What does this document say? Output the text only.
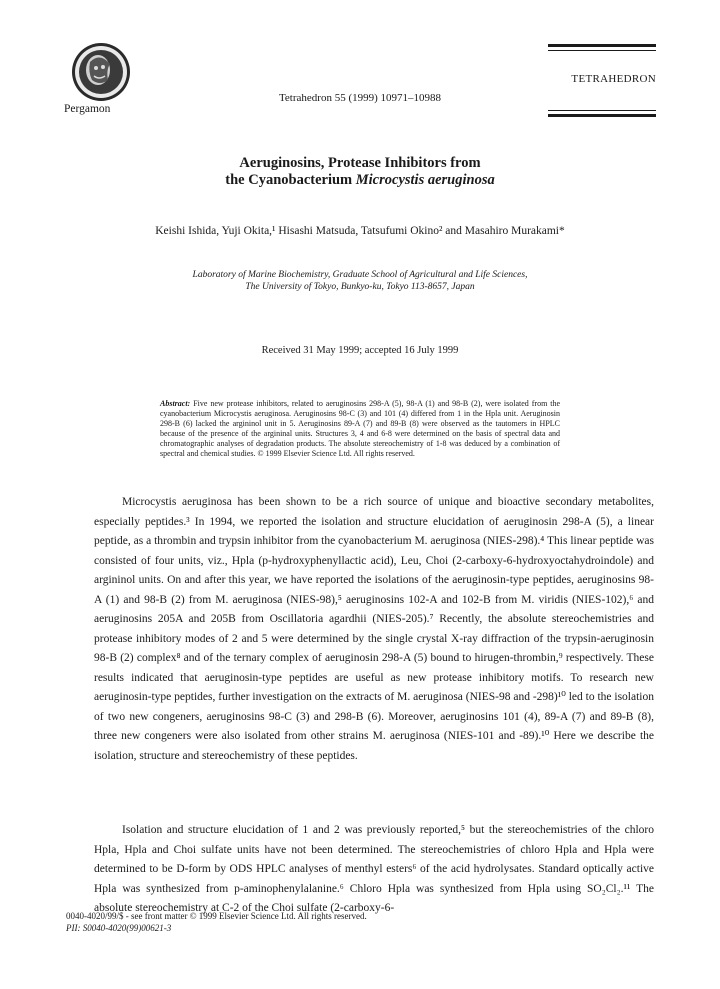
Pergamon
Tetrahedron 55 (1999) 10971–10988
TETRAHEDRON
Aeruginosins, Protease Inhibitors from
the Cyanobacterium Microcystis aeruginosa
Keishi Ishida, Yuji Okita,¹ Hisashi Matsuda, Tatsufumi Okino² and Masahiro Murakami*
Laboratory of Marine Biochemistry, Graduate School of Agricultural and Life Sciences,
The University of Tokyo, Bunkyo-ku, Tokyo 113-8657, Japan
Received 31 May 1999; accepted 16 July 1999
Abstract: Five new protease inhibitors, related to aeruginosins 298-A (5), 98-A (1) and 98-B (2), were isolated from the cyanobacterium Microcystis aeruginosa. Aeruginosins 98-C (3) and 101 (4) differed from 1 in the Hpla unit. Aeruginosin 298-B (6) lacked the argininol unit in 5. Aeruginosins 89-A (7) and 89-B (8) were observed as the tautomers in HPLC because of the presence of the argininal units. Structures 3, 4 and 6-8 were determined on the basis of spectral data and chromatographic analyses of degradation products. The absolute stereochemistry of 1-8 was deduced by a combination of spectral and chemical studies. © 1999 Elsevier Science Ltd. All rights reserved.

Microcystis aeruginosa has been shown to be a rich source of unique and bioactive secondary metabolites, especially peptides.³ In 1994, we reported the isolation and structure elucidation of aeruginosin 298-A (5), a linear peptide, as a thrombin and trypsin inhibitor from the cyanobacterium M. aeruginosa (NIES-298).⁴ This linear peptide was consisted of four units, viz., Hpla (p-hydroxyphenyllactic acid), Leu, Choi (2-carboxy-6-hydroxyoctahydroindole) and argininol units. On and after this year, we have reported the isolations of the aeruginosin-type peptides, aeruginosins 98-A (1) and 98-B (2) from M. aeruginosa (NIES-98),⁵ aeruginosins 102-A and 102-B from M. viridis (NIES-102),⁶ and aeruginosins 205A and 205B from Oscillatoria agardhii (NIES-205).⁷ Recently, the absolute stereochemistries and protease inhibitory modes of 2 and 5 were determined by the single crystal X-ray diffraction of the trypsin-aeruginosin 98-B (2) complex⁸ and of the ternary complex of aeruginosin 298-A (5) bound to hirugen-thrombin,⁹ respectively. These results indicated that aeruginosin-type peptides are useful as new protease inhibitory motifs. To research new aeruginosin-type peptides, further investigation on the extracts of M. aeruginosa (NIES-98 and -298)¹⁰ led to the isolation of two new congeners, aeruginosins 98-C (3) and 298-B (6). Moreover, aeruginosins 101 (4), 89-A (7) and 89-B (8), three new congeners were also isolated from other strains M. aeruginosa (NIES-101 and -89).¹⁰ Here we describe the isolation, structure and stereochemistry of these peptides.

Isolation and structure elucidation of 1 and 2 was previously reported,⁵ but the stereochemistries of the chloro Hpla, Hpla and Choi sulfate units have not been determined. The stereochemistries of chloro Hpla and Hpla were determined to be D-form by ODS HPLC analyses of menthyl esters⁶ of the acid hydrolysates. Standard optically active Hpla was synthesized from p-aminophenylalanine.⁶ Chloro Hpla was synthesized from Hpla using SO₂Cl₂.¹¹ The absolute stereochemistry at C-2 of the Choi sulfate (2-carboxy-6-

0040-4020/99/$ - see front matter © 1999 Elsevier Science Ltd. All rights reserved.
PII: S0040-4020(99)00621-3
